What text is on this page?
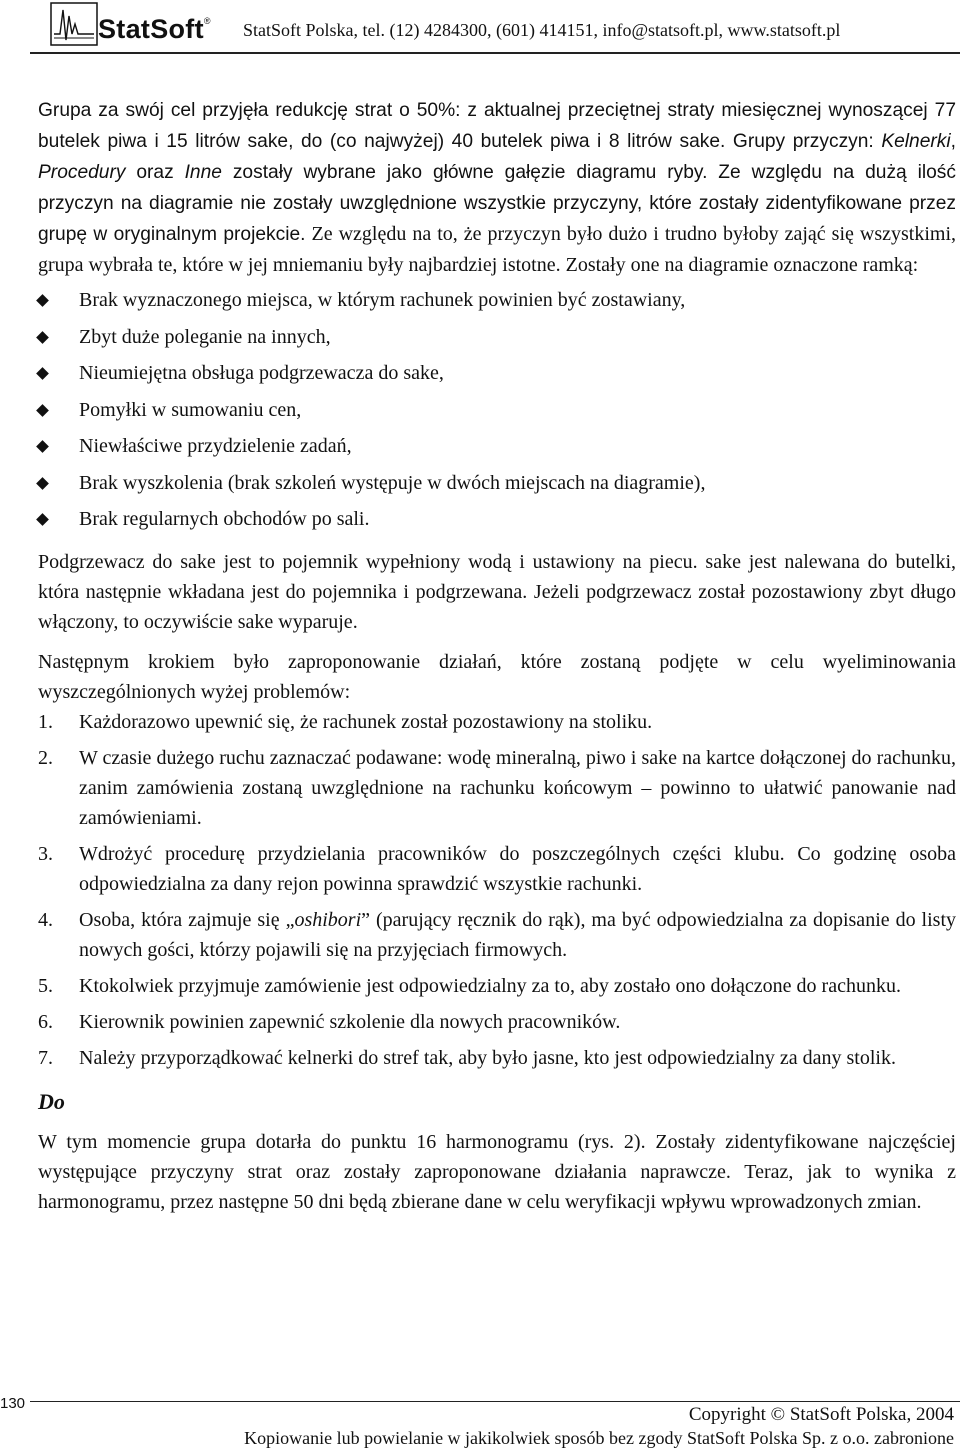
StatSoft® StatSoft Polska, tel. (12) 4284300, (601) 414151, info@statsoft.pl, www.statsoft.pl

Grupa za swój cel przyjęła redukcję strat o 50%: z aktualnej przeciętnej straty miesięcznej wynoszącej 77 butelek piwa i 15 litrów sake, do (co najwyżej) 40 butelek piwa i 8 litrów sake. Grupy przyczyn: Kelnerki, Procedury oraz Inne zostały wybrane jako główne gałęzie diagramu ryby. Ze względu na dużą ilość przyczyn na diagramie nie zostały uwzględnione wszystkie przyczyny, które zostały zidentyfikowane przez grupę w oryginalnym projekcie. Ze względu na to, że przyczyn było dużo i trudno byłoby zająć się wszystkimi, grupa wybrała te, które w jej mniemaniu były najbardziej istotne. Zostały one na diagramie oznaczone ramką:

Brak wyznaczonego miejsca, w którym rachunek powinien być zostawiany,
Zbyt duże poleganie na innych,
Nieumiejętna obsługa podgrzewacza do sake,
Pomyłki w sumowaniu cen,
Niewłaściwe przydzielenie zadań,
Brak wyszkolenia (brak szkoleń występuje w dwóch miejscach na diagramie),
Brak regularnych obchodów po sali.

Podgrzewacz do sake jest to pojemnik wypełniony wodą i ustawiony na piecu. sake jest nalewana do butelki, która następnie wkładana jest do pojemnika i podgrzewana. Jeżeli podgrzewacz został pozostawiony zbyt długo włączony, to oczywiście sake wyparuje.

Następnym krokiem było zaproponowanie działań, które zostaną podjęte w celu wyeliminowania wyszczególnionych wyżej problemów:

1. Każdorazowo upewnić się, że rachunek został pozostawiony na stoliku.
2. W czasie dużego ruchu zaznaczać podawane: wodę mineralną, piwo i sake na kartce dołączonej do rachunku, zanim zamówienia zostaną uwzględnione na rachunku końcowym – powinno to ułatwić panowanie nad zamówieniami.
3. Wdrożyć procedurę przydzielania pracowników do poszczególnych części klubu. Co godzinę osoba odpowiedzialna za dany rejon powinna sprawdzić wszystkie rachunki.
4. Osoba, która zajmuje się „oshibori” (parujący ręcznik do rąk), ma być odpowiedzialna za dopisanie do listy nowych gości, którzy pojawili się na przyjęciach firmowych.
5. Ktokolwiek przyjmuje zamówienie jest odpowiedzialny za to, aby zostało ono dołączone do rachunku.
6. Kierownik powinien zapewnić szkolenie dla nowych pracowników.
7. Należy przyporządkować kelnerki do stref tak, aby było jasne, kto jest odpowiedzialny za dany stolik.
Do

W tym momencie grupa dotarła do punktu 16 harmonogramu (rys. 2). Zostały zidentyfikowane najczęściej występujące przyczyny strat oraz zostały zaproponowane działania naprawcze. Teraz, jak to wynika z harmonogramu, przez następne 50 dni będą zbierane dane w celu weryfikacji wpływu wprowadzonych zmian.

130
Copyright © StatSoft Polska, 2004
Kopiowanie lub powielanie w jakikolwiek sposób bez zgody StatSoft Polska Sp. z o.o. zabronione
